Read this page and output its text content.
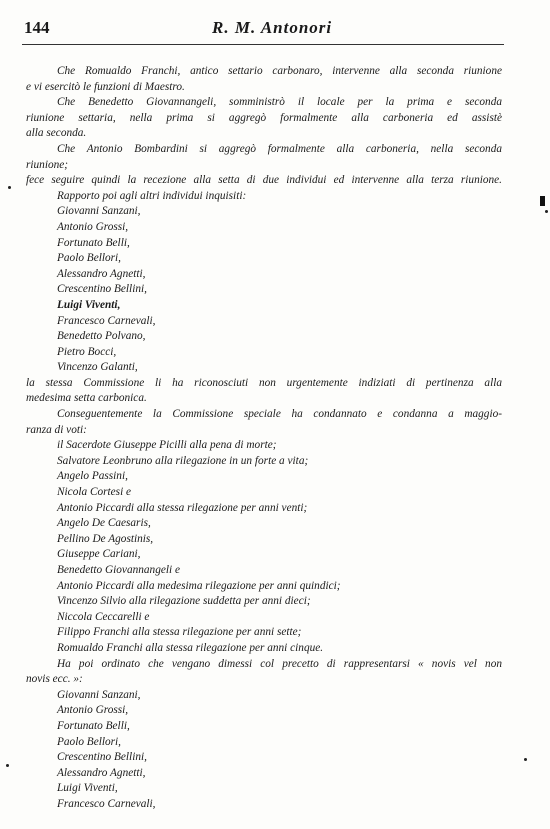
144	R. M. Antonori
Che Romualdo Franchi, antico settario carbonaro, intervenne alla seconda riunione
e vi esercitò le funzioni di Maestro.
Che Benedetto Giovannangeli, somministrò il locale per la prima e seconda
riunione settaria, nella prima si aggregò formalmente alla carboneria ed assistè
alla seconda.
Che Antonio Bombardini si aggregò formalmente alla carboneria, nella seconda
riunione;
fece seguire quindi la recezione alla setta di due individui ed intervenne alla terza riunione.
Rapporto poi agli altri individui inquisiti:
Giovanni Sanzani,
Antonio Grossi,
Fortunato Belli,
Paolo Bellori,
Alessandro Agnetti,
Crescentino Bellini,
Luigi Viventi,
Francesco Carnevali,
Benedetto Polvano,
Pietro Bocci,
Vincenzo Galanti,
la stessa Commissione li ha riconosciuti non urgentemente indiziati di pertinenza alla
medesima setta carbonica.
Conseguentemente la Commissione speciale ha condannato e condanna a maggio-
ranza di voti:
il Sacerdote Giuseppe Picilli alla pena di morte;
Salvatore Leonbruno alla rilegazione in un forte a vita;
Angelo Passini,
Nicola Cortesi e
Antonio Piccardi alla stessa rilegazione per anni venti;
Angelo De Caesaris,
Pellino De Agostinis,
Giuseppe Cariani,
Benedetto Giovannangeli e
Antonio Piccardi alla medesima rilegazione per anni quindici;
Vincenzo Silvio alla rilegazione suddetta per anni dieci;
Niccola Ceccarelli e
Filippo Franchi alla stessa rilegazione per anni sette;
Romualdo Franchi alla stessa rilegazione per anni cinque.
Ha poi ordinato che vengano dimessi col precetto di rappresentarsi « novis vel non
novis ecc. »:
Giovanni Sanzani,
Antonio Grossi,
Fortunato Belli,
Paolo Bellori,
Crescentino Bellini,
Alessandro Agnetti,
Luigi Viventi,
Francesco Carnevali,
